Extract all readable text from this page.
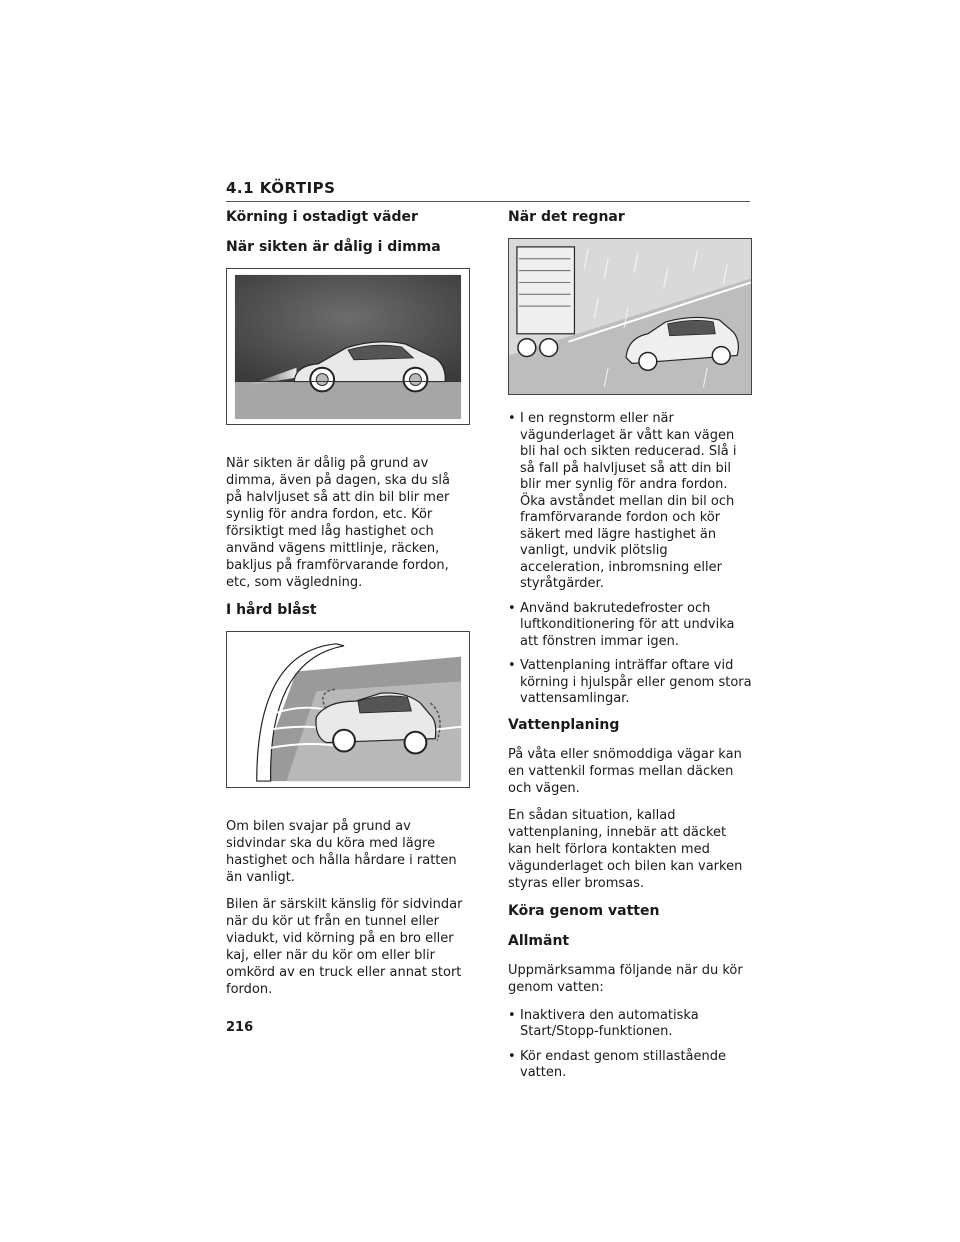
4.1 KÖRTIPS
Körning i ostadigt väder
När sikten är dålig i dimma

När sikten är dålig på grund av dimma, även på dagen, ska du slå på halvljuset så att din bil blir mer synlig för andra fordon, etc. Kör försiktigt med låg hastighet och använd vägens mittlinje, räcken, bakljus på framförvarande fordon, etc, som vägledning.

I hård blåst

Om bilen svajar på grund av sidvindar ska du köra med lägre hastighet och hålla hårdare i ratten än vanligt.

Bilen är särskilt känslig för sidvindar när du kör ut från en tunnel eller viadukt, vid körning på en bro eller kaj, eller när du kör om eller blir omkörd av en truck eller annat stort fordon.

När det regnar
• I en regnstorm eller när vägunderlaget är vått kan vägen bli hal och sikten reducerad. Slå i så fall på halvljuset så att din bil blir mer synlig för andra fordon. Öka avståndet mellan din bil och framförvarande fordon och kör säkert med lägre hastighet än vanligt, undvik plötslig acceleration, inbromsning eller styråtgärder.
• Använd bakrutedefroster och luftkonditionering för att undvika att fönstren immar igen.
• Vattenplaning inträffar oftare vid körning i hjulspår eller genom stora vattensamlingar.
Vattenplaning

På våta eller snömoddiga vägar kan en vattenkil formas mellan däcken och vägen.

En sådan situation, kallad vattenplaning, innebär att däcket kan helt förlora kontakten med vägunderlaget och bilen kan varken styras eller bromsas.

Köra genom vatten
Allmänt

Uppmärksamma följande när du kör genom vatten:

• Inaktivera den automatiska Start/Stopp-funktionen.
• Kör endast genom stillastående vatten.
216
